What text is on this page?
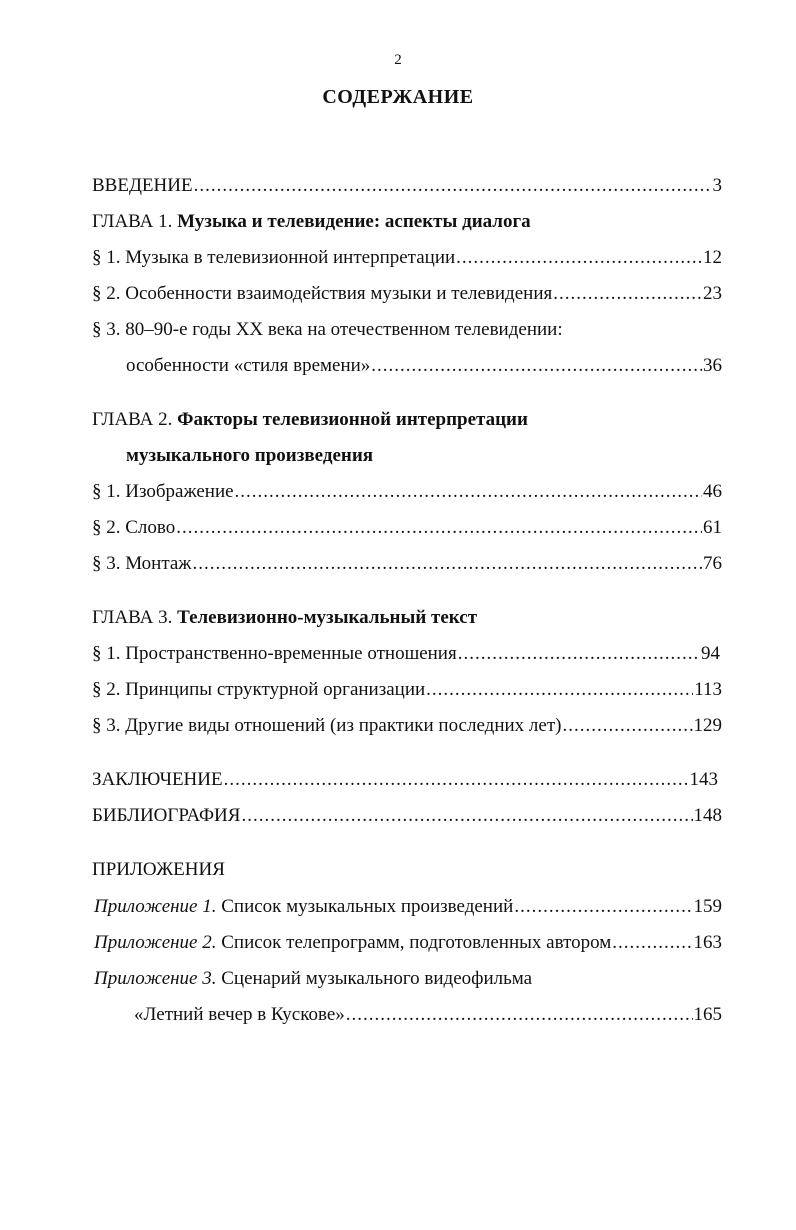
2
СОДЕРЖАНИЕ
ВВЕДЕНИЕ .....	3
ГЛАВА 1. Музыка и телевидение: аспекты диалога
§ 1. Музыка в телевизионной интерпретации .....	12
§ 2. Особенности взаимодействия музыки и телевидения .....	23
§ 3. 80–90-е годы XX века на отечественном телевидении:
особенности «стиля времени» .....	36
ГЛАВА 2. Факторы телевизионной интерпретации
музыкального произведения
§ 1. Изображение .....	46
§ 2. Слово .....	61
§ 3. Монтаж .....	76
ГЛАВА 3. Телевизионно-музыкальный текст
§ 1. Пространственно-временные отношения .....	94
§ 2. Принципы структурной организации .....	113
§ 3. Другие виды отношений (из практики последних лет) .....	129
ЗАКЛЮЧЕНИЕ .....	143
БИБЛИОГРАФИЯ .....	148
ПРИЛОЖЕНИЯ
Приложение 1. Список музыкальных произведений .....	159
Приложение 2. Список телепрограмм, подготовленных автором .....	163
Приложение 3. Сценарий музыкального видеофильма
«Летний вечер в Кускове» .....	165
